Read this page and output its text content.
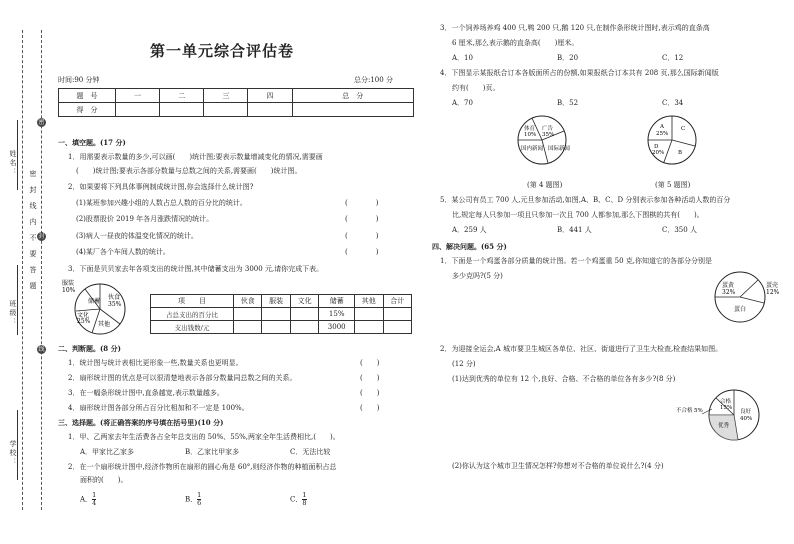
姓名：
班级：
学校：
密封线内不要答题
密
封
线
第一单元综合评估卷
时间:90 分钟	总分:100 分
题　号	一	二	三	四	总　分
得　分					
一、填空题。(17 分)
1．用需要表示数量的多少,可以画(　　)统计图;要表示数量增减变化的情况,需要画
(　　)统计图;要表示各部分数量与总数之间的关系,需要画(　　)统计图。
2．如果要将下列具体事例制成统计图,你会选择什么统计图?
(1)某班参加兴趣小组的人数占总人数的百分比的统计。	(　　　　)
(2)股票股价 2019 年各月涨跌情况的统计。	(　　　　)
(3)病人一昼夜的体温变化情况的统计。	(　　　　)
(4)某厂各个车间人数的统计。	(　　　　)
3．下面是贝贝家去年各项支出的统计图,其中储蓄支出为 3000 元,请你完成下表。
伙食
35%
储蓄
文化
25% 其他
服装
10%
项　　目	伙食	服装	文化	储蓄	其他	合计
占总支出的百分比				15%		
支出钱数/元				3000		
二、判断题。(8 分)
1．统计图与统计表相比更形象一些,数量关系也更明显。	(　　)
2．扇形统计图的优点是可以很清楚地表示各部分数量同总数之间的关系。	(　　)
3．在一幅条形统计图中,直条越宽,表示数量越多。	(　　)
4．扇形统计图各部分所占百分比相加和不一定是 100%。	(　　)
三、选择题。(将正确答案的序号填在括号里)(10 分)
1．甲、乙两家去年生活费各占全年总支出的 50%、55%,两家全年生活费相比,(　　)。
A．甲家比乙家多	B．乙家比甲家多	C．无法比较
2．在一个扇形统计图中,经济作物所在扇形的圆心角是 60°,则经济作物的种植面积占总
面积的(　　)。
A． $\frac{1}{4}$	B． $\frac{1}{6}$	C． $\frac{1}{8}$
3．一个饲养场养鸡 400 只,鸭 200 只,鹅 120 只,在制作条形统计图时,表示鸡的直条高
6 厘米,那么表示鹅的直条高(　　)厘米。
A．10	B．20	C．12
4．下图显示某报纸合订本各版面所占的份额,如果报纸合订本共有 208 页,那么国际新闻版
约有(　　)页。
A．70	B．52	C．34
体育
10%
广告
35%
国内新闻 国际新闻
A
25%
C
D
20%	B
(第 4 题图)	(第 5 题图)
5．某公司有员工 700 人,元旦参加活动,如图,A、B、C、D 分别表示参加各种活动人数的百分
比,规定每人只参加一项且只参加一次且 700 人都参加,那么下围棋的共有(　　)。
A．259 人	B．441 人	C．350 人
四、解决问题。(65 分)
1．下面是一个鸡蛋各部分质量的统计图。若一个鸡蛋重 50 克,你知道它的各部分分别是
多少克吗?(5 分)
蛋黄
32%
蛋壳
12%
蛋白
2．为迎接全运会,A 城市要卫生城区各单位、社区、街道进行了卫生大检查,检查结果如图。
(12 分)
(1)达到优秀的单位有 12 个,良好、合格、不合格的单位各有多少?(8 分)
合格
15%
良好
40%
优秀
不合格 5%
(2)你认为这个城市卫生情况怎样?你想对不合格的单位说什么?(4 分)
